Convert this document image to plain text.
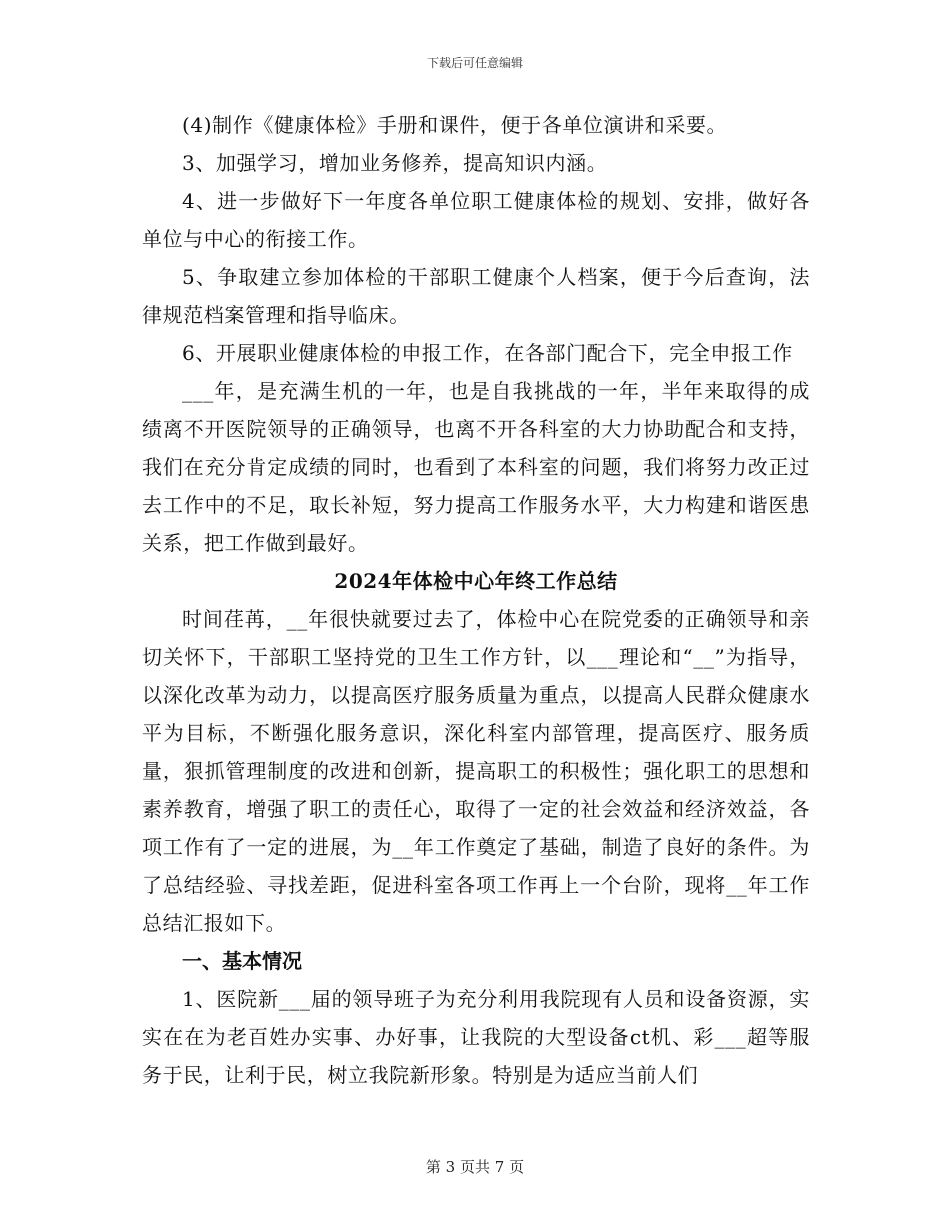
下载后可任意编辑

(4)制作《健康体检》手册和课件，便于各单位演讲和采要。

3、加强学习，增加业务修养，提高知识内涵。

4、进一步做好下一年度各单位职工健康体检的规划、安排，做好各单位与中心的衔接工作。

5、争取建立参加体检的干部职工健康个人档案，便于今后查询，法律规范档案管理和指导临床。

6、开展职业健康体检的申报工作，在各部门配合下，完全申报工作

___年，是充满生机的一年，也是自我挑战的一年，半年来取得的成绩离不开医院领导的正确领导，也离不开各科室的大力协助配合和支持，我们在充分肯定成绩的同时，也看到了本科室的问题，我们将努力改正过去工作中的不足，取长补短，努力提高工作服务水平，大力构建和谐医患关系，把工作做到最好。

2024年体检中心年终工作总结

时间荏苒，__年很快就要过去了，体检中心在院党委的正确领导和亲切关怀下，干部职工坚持党的卫生工作方针，以___理论和“__”为指导，以深化改革为动力，以提高医疗服务质量为重点，以提高人民群众健康水平为目标，不断强化服务意识，深化科室内部管理，提高医疗、服务质量，狠抓管理制度的改进和创新，提高职工的积极性；强化职工的思想和素养教育，增强了职工的责任心，取得了一定的社会效益和经济效益，各项工作有了一定的进展，为__年工作奠定了基础，制造了良好的条件。为了总结经验、寻找差距，促进科室各项工作再上一个台阶，现将__年工作总结汇报如下。

一、基本情况

1、医院新___届的领导班子为充分利用我院现有人员和设备资源，实实在在为老百姓办实事、办好事，让我院的大型设备ct机、彩___超等服务于民，让利于民，树立我院新形象。特别是为适应当前人们

第 3 页共 7 页
